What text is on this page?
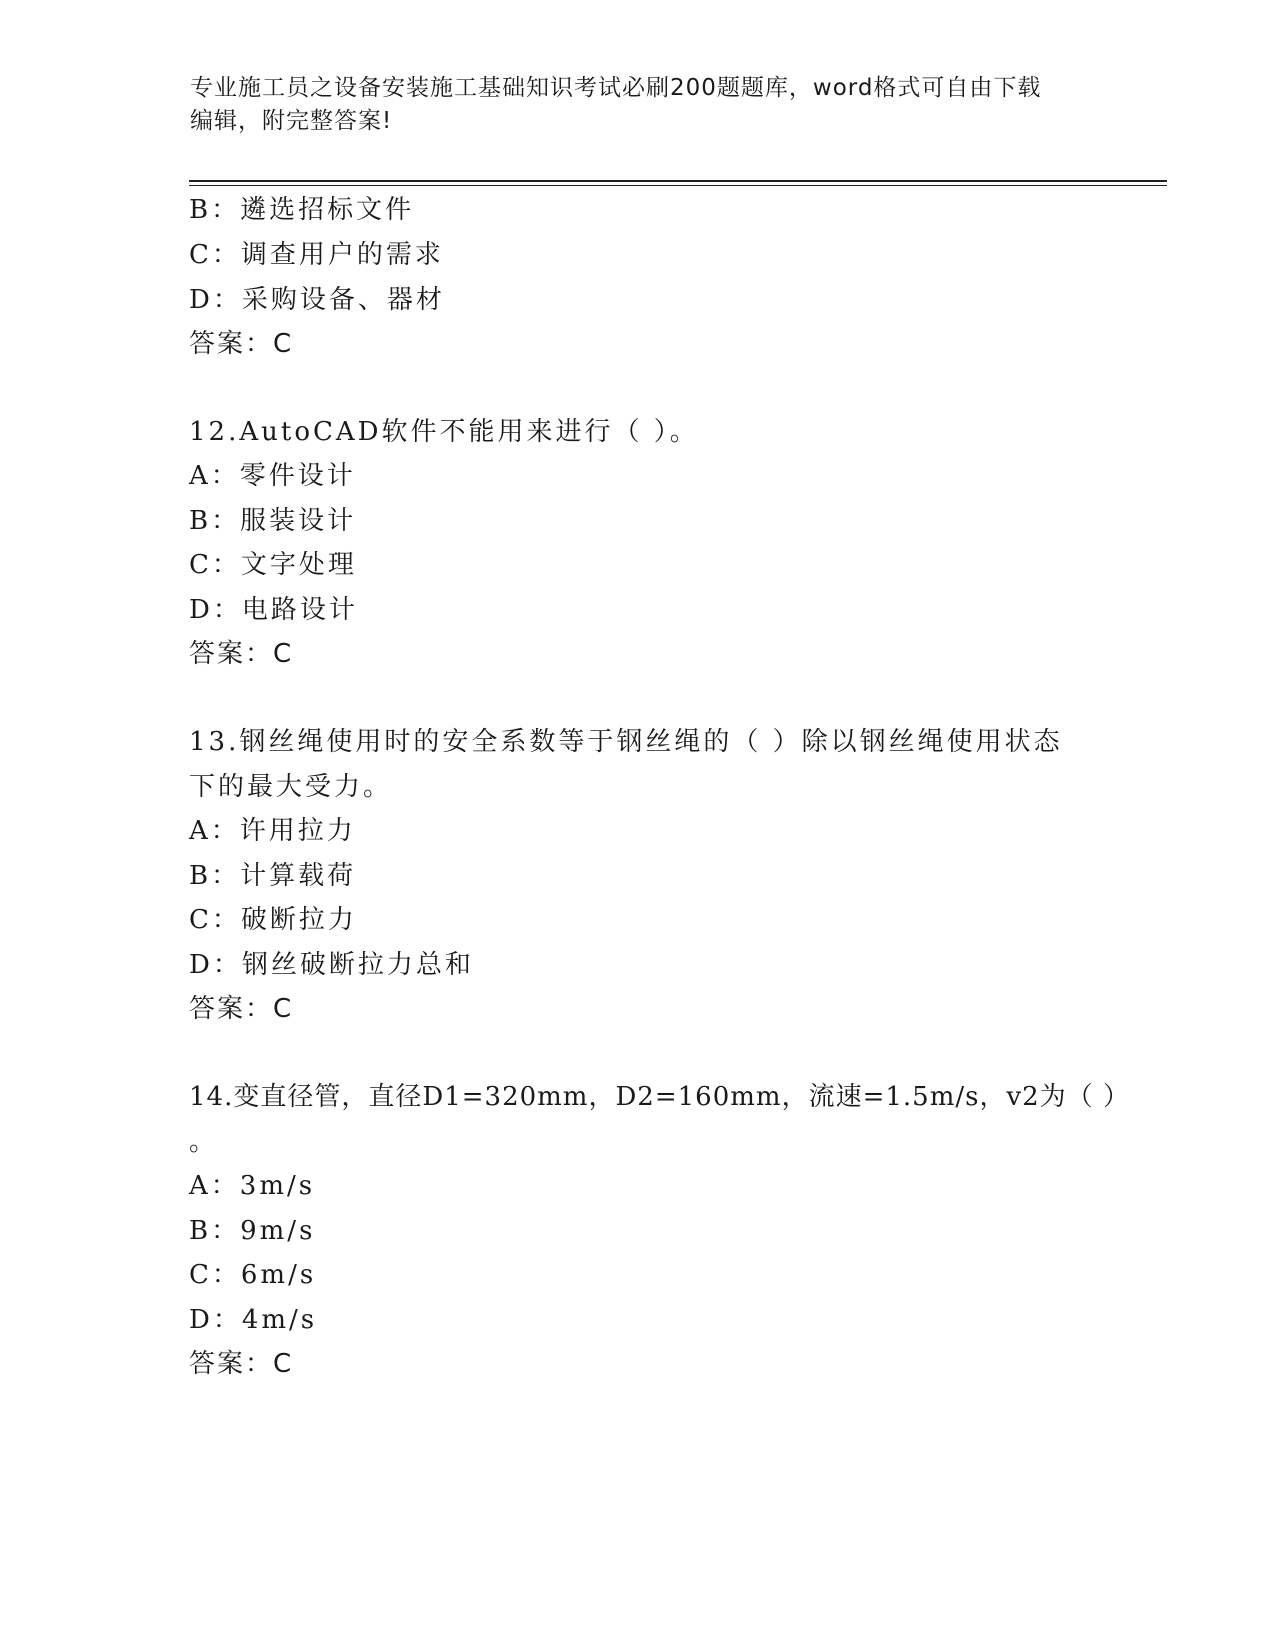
专业施工员之设备安装施工基础知识考试必刷200题题库，word格式可自由下载
编辑，附完整答案!
B：遴选招标文件
C：调查用户的需求
D：采购设备、器材
答案：C
12.AutoCAD软件不能用来进行（ ）。
A：零件设计
B：服装设计
C：文字处理
D：电路设计
答案：C
13.钢丝绳使用时的安全系数等于钢丝绳的（ ）除以钢丝绳使用状态
下的最大受力。
A：许用拉力
B：计算载荷
C：破断拉力
D：钢丝破断拉力总和
答案：C
14.变直径管，直径D1=320mm，D2=160mm，流速=1.5m/s，v2为（ ）
。
A：3m/s
B：9m/s
C：6m/s
D：4m/s
答案：C
